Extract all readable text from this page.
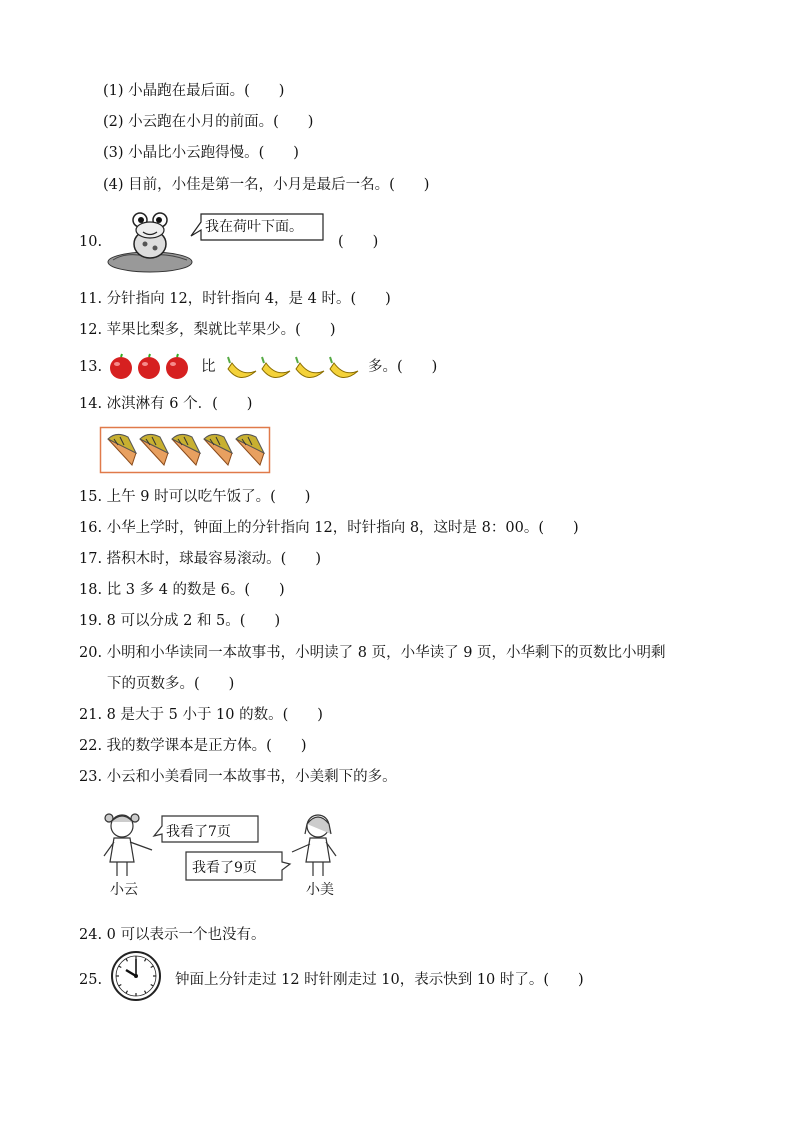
(1) 小晶跑在最后面。(　　)
(2) 小云跑在小月的前面。(　　)
(3) 小晶比小云跑得慢。(　　)
(4) 目前，小佳是第一名，小月是最后一名。(　　)
10.
我在荷叶下面。
(　　)
11. 分针指向 12，时针指向 4，是 4 时。(　　)
12. 苹果比梨多，梨就比苹果少。(　　)
13.	比	多。(　　)
14. 冰淇淋有 6 个．(　　)
15. 上午 9 时可以吃午饭了。(　　)
16. 小华上学时，钟面上的分针指向 12，时针指向 8，这时是 8：00。(　　)
17. 搭积木时，球最容易滚动。(　　)
18. 比 3 多 4 的数是 6。(　　)
19. 8 可以分成 2 和 5。(　　)
20. 小明和小华读同一本故事书，小明读了 8 页，小华读了 9 页，小华剩下的页数比小明剩
下的页数多。(　　)
21. 8 是大于 5 小于 10 的数。(　　)
22. 我的数学课本是正方体。(　　)
23. 小云和小美看同一本故事书，小美剩下的多。
我看了7页
我看了9页
小云	小美
24. 0 可以表示一个也没有。
25.	钟面上分针走过 12 时针刚走过 10，表示快到 10 时了。(　　)
